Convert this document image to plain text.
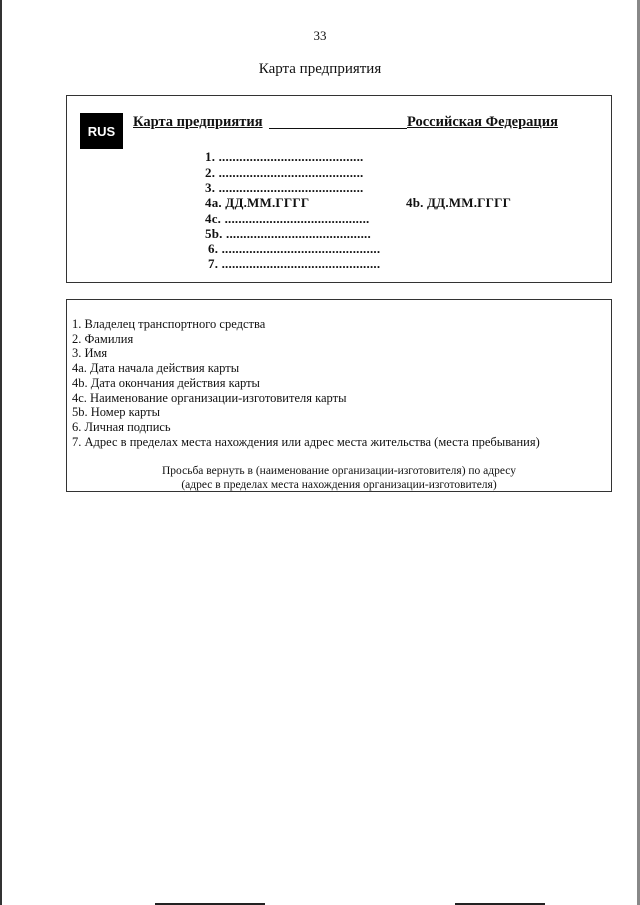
33
Карта предприятия
RUS
Карта предприятия	Российская Федерация
1. ..........................................
2. ..........................................
3. ..........................................
4a. ДД.ММ.ГГГГ	4b. ДД.ММ.ГГГГ
4c. ..........................................
5b. ..........................................
6. ..............................................
7. ..............................................
1. Владелец транспортного средства
2. Фамилия
3. Имя
4a. Дата начала действия карты
4b. Дата окончания действия карты
4c. Наименование организации-изготовителя карты
5b. Номер карты
6. Личная подпись
7. Адрес в пределах места нахождения или адрес места жительства (места пребывания)
Просьба вернуть в (наименование организации-изготовителя) по адресу
(адрес в пределах места нахождения организации-изготовителя)
